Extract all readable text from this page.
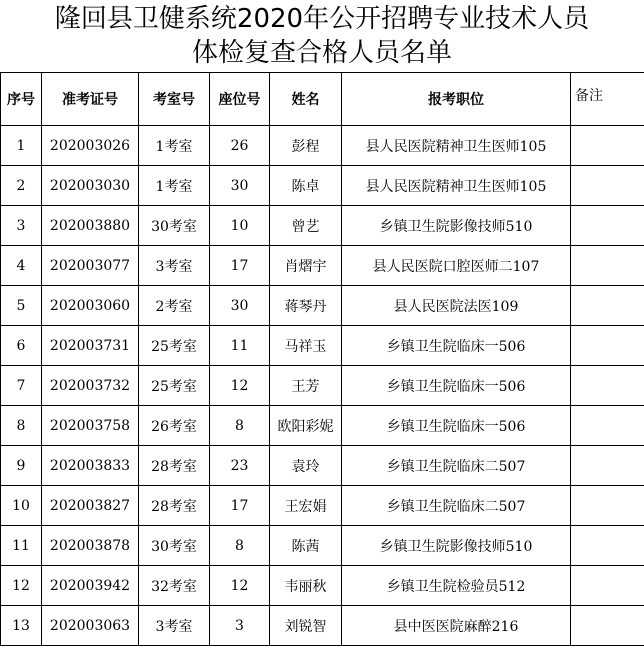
隆回县卫健系统2020年公开招聘专业技术人员
体检复查合格人员名单
序号	准考证号	考室号	座位号	姓名	报考职位	备注
1	202003026	1考室	26	彭程	县人民医院精神卫生医师105	
2	202003030	1考室	30	陈卓	县人民医院精神卫生医师105	
3	202003880	30考室	10	曾艺	乡镇卫生院影像技师510	
4	202003077	3考室	17	肖熠宇	县人民医院口腔医师二107	
5	202003060	2考室	30	蒋琴丹	县人民医院法医109	
6	202003731	25考室	11	马祥玉	乡镇卫生院临床一506	
7	202003732	25考室	12	王芳	乡镇卫生院临床一506	
8	202003758	26考室	8	欧阳彩妮	乡镇卫生院临床一506	
9	202003833	28考室	23	袁玲	乡镇卫生院临床二507	
10	202003827	28考室	17	王宏娟	乡镇卫生院临床二507	
11	202003878	30考室	8	陈茜	乡镇卫生院影像技师510	
12	202003942	32考室	12	韦丽秋	乡镇卫生院检验员512	
13	202003063	3考室	3	刘锐智	县中医医院麻醉216	
